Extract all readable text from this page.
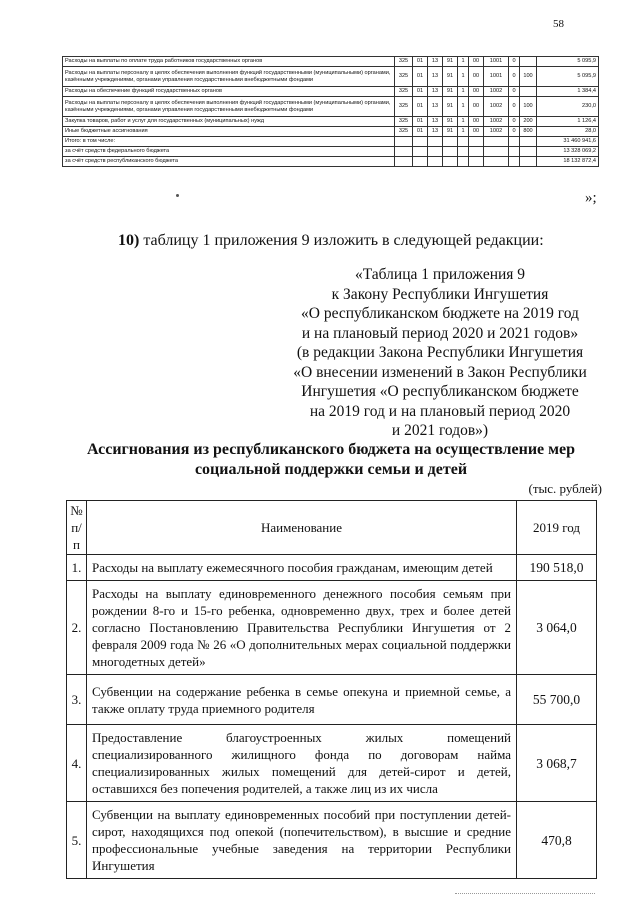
58
Расходы на выплаты по оплате труда работников государственных органов	325	01	13	91	1	00	1001	0		5 095,9
Расходы на выплаты персоналу в целях обеспечения выполнения функций государственными (муниципальными) органами, казёнными учреждениями, органами управления государственными внебюджетными фондами	325	01	13	91	1	00	1001	0	100	5 095,9
Расходы на обеспечение функций государственных органов	325	01	13	91	1	00	1002	0		1 384,4
Расходы на выплаты персоналу в целях обеспечения выполнения функций государственными (муниципальными) органами, казёнными учреждениями, органами управления государственными внебюджетными фондами	325	01	13	91	1	00	1002	0	100	230,0
Закупка товаров, работ и услуг для государственных (муниципальных) нужд	325	01	13	91	1	00	1002	0	200	1 126,4
Иные бюджетные ассигнования	325	01	13	91	1	00	1002	0	800	28,0
Итого: в том числе:										31 460 941,6
за счёт средств федерального бюджета										13 328 069,2
за счёт средств республиканского бюджета										18 132 872,4
»;
10) таблицу 1 приложения 9 изложить в следующей редакции:
«Таблица 1 приложения 9
к Закону Республики Ингушетия
«О республиканском бюджете на 2019 год
и на плановый период 2020 и 2021 годов»
(в редакции Закона Республики Ингушетия
«О внесении изменений в Закон Республики
Ингушетия «О республиканском бюджете
на 2019 год и на плановый период 2020
и 2021 годов»)
Ассигнования из республиканского бюджета на осуществление мер
социальной поддержки семьи и детей
(тыс. рублей)
№ п/п	Наименование	2019 год
1.	Расходы на выплату ежемесячного пособия гражданам, имеющим детей	190 518,0
2.	Расходы на выплату единовременного денежного пособия семьям при рождении 8-го и 15-го ребенка, одновременно двух, трех и более детей согласно Постановлению Правительства Республики Ингушетия от 2 февраля 2009 года № 26 «О дополнительных мерах социальной поддержки многодетных детей»	3 064,0
3.	Субвенции на содержание ребенка в семье опекуна и приемной семье, а также оплату труда приемного родителя	55 700,0
4.	Предоставление благоустроенных жилых помещений специализированного жилищного фонда по договорам найма специализированных жилых помещений для детей-сирот и детей, оставшихся без попечения родителей, а также лиц из их числа	3 068,7
5.	Субвенции на выплату единовременных пособий при поступлении детей-сирот, находящихся под опекой (попечительством), в высшие и средние профессиональные учебные заведения на территории Республики Ингушетия	470,8
